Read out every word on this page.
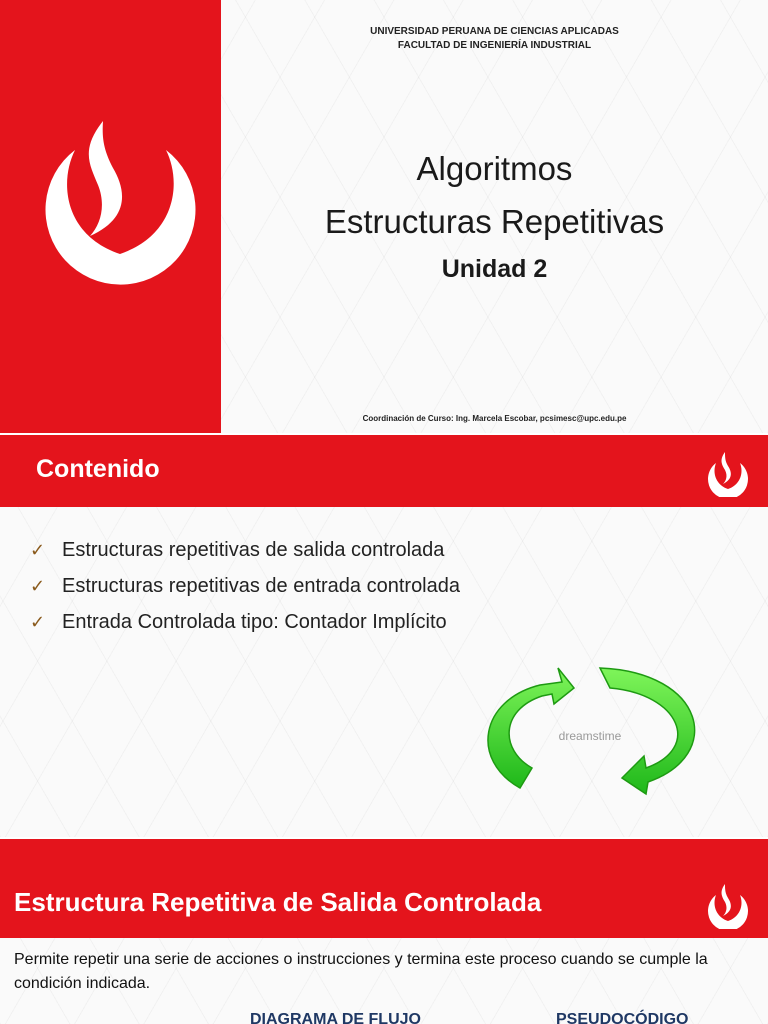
UNIVERSIDAD PERUANA DE CIENCIAS APLICADAS
FACULTAD DE INGENIERÍA INDUSTRIAL
Algoritmos
Estructuras Repetitivas
Unidad 2
Coordinación de Curso: Ing. Marcela Escobar, pcsimesc@upc.edu.pe
Contenido
✓ Estructuras repetitivas de salida controlada
✓ Estructuras repetitivas de entrada controlada
✓ Entrada Controlada tipo: Contador Implícito
dreamstime
Estructura Repetitiva de Salida Controlada

Permite repetir una serie de acciones o instrucciones y termina este proceso cuando se cumple la condición indicada.

DIAGRAMA DE FLUJO	PSEUDOCÓDIGO
